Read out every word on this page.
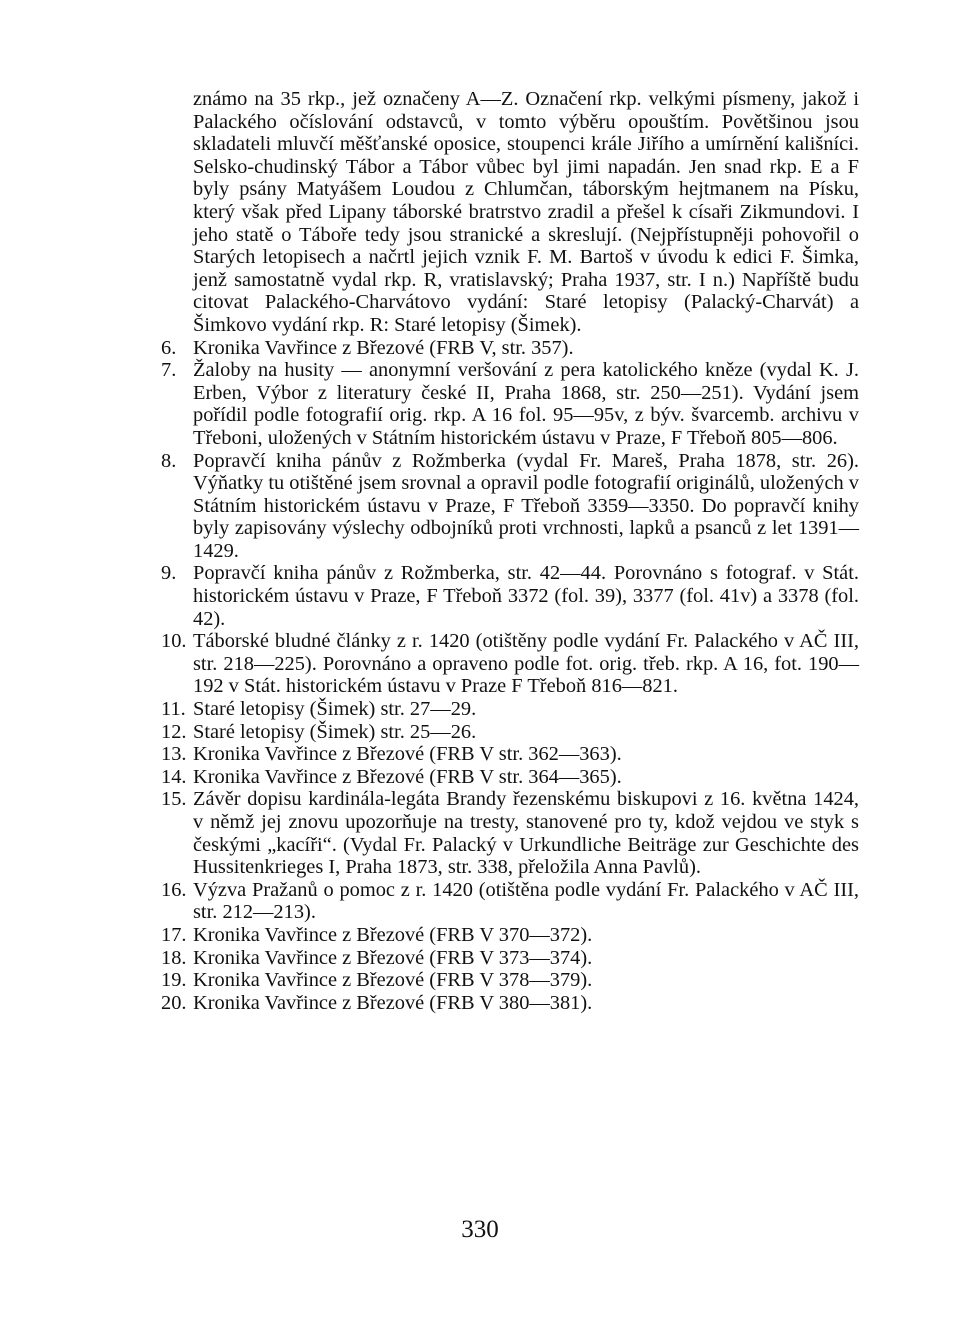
známo na 35 rkp., jež označeny A—Z. Označení rkp. velkými písmeny, jakož i Palackého očíslování odstavců, v tomto výběru opouštím. Povětšinou jsou skladateli mluvčí měšťanské oposice, stoupenci krále Jiřího a umírnění kališníci. Selsko-chudinský Tábor a Tábor vůbec byl jimi napadán. Jen snad rkp. E a F byly psány Matyášem Loudou z Chlumčan, táborským hejtmanem na Písku, který však před Lipany táborské bratrstvo zradil a přešel k císaři Zikmundovi. I jeho statě o Táboře tedy jsou stranické a skreslují. (Nejpřístupněji pohovořil o Starých letopisech a načrtl jejich vznik F. M. Bartoš v úvodu k edici F. Šimka, jenž samostatně vydal rkp. R, vratislavský; Praha 1937, str. I n.) Napříště budu citovat Palackého-Charvátovo vydání: Staré letopisy (Palacký-Charvát) a Šimkovo vydání rkp. R: Staré letopisy (Šimek).

6. Kronika Vavřince z Březové (FRB V, str. 357).
7. Žaloby na husity — anonymní veršování z pera katolického kněze (vydal K. J. Erben, Výbor z literatury české II, Praha 1868, str. 250—251). Vydání jsem pořídil podle fotografií orig. rkp. A 16 fol. 95—95v, z býv. švarcemb. archivu v Třeboni, uložených v Státním historickém ústavu v Praze, F Třeboň 805—806.
8. Popravčí kniha pánův z Rožmberka (vydal Fr. Mareš, Praha 1878, str. 26). Výňatky tu otištěné jsem srovnal a opravil podle fotografií originálů, uložených v Státním historickém ústavu v Praze, F Třeboň 3359—3350. Do popravčí knihy byly zapisovány výslechy odbojníků proti vrchnosti, lapků a psanců z let 1391—1429.
9. Popravčí kniha pánův z Rožmberka, str. 42—44. Porovnáno s fotograf. v Stát. historickém ústavu v Praze, F Třeboň 3372 (fol. 39), 3377 (fol. 41v) a 3378 (fol. 42).
10. Táborské bludné články z r. 1420 (otištěny podle vydání Fr. Palackého v AČ III, str. 218—225). Porovnáno a opraveno podle fot. orig. třeb. rkp. A 16, fot. 190—192 v Stát. historickém ústavu v Praze F Třeboň 816—821.
11. Staré letopisy (Šimek) str. 27—29.
12. Staré letopisy (Šimek) str. 25—26.
13. Kronika Vavřince z Březové (FRB V str. 362—363).
14. Kronika Vavřince z Březové (FRB V str. 364—365).
15. Závěr dopisu kardinála-legáta Brandy řezenskému biskupovi z 16. května 1424, v němž jej znovu upozorňuje na tresty, stanovené pro ty, kdož vejdou ve styk s českými „kacíři“. (Vydal Fr. Palacký v Urkundliche Beiträge zur Geschichte des Hussitenkrieges I, Praha 1873, str. 338, přeložila Anna Pavlů).
16. Výzva Pražanů o pomoc z r. 1420 (otištěna podle vydání Fr. Palackého v AČ III, str. 212—213).
17. Kronika Vavřince z Březové (FRB V 370—372).
18. Kronika Vavřince z Březové (FRB V 373—374).
19. Kronika Vavřince z Březové (FRB V 378—379).
20. Kronika Vavřince z Březové (FRB V 380—381).
330
